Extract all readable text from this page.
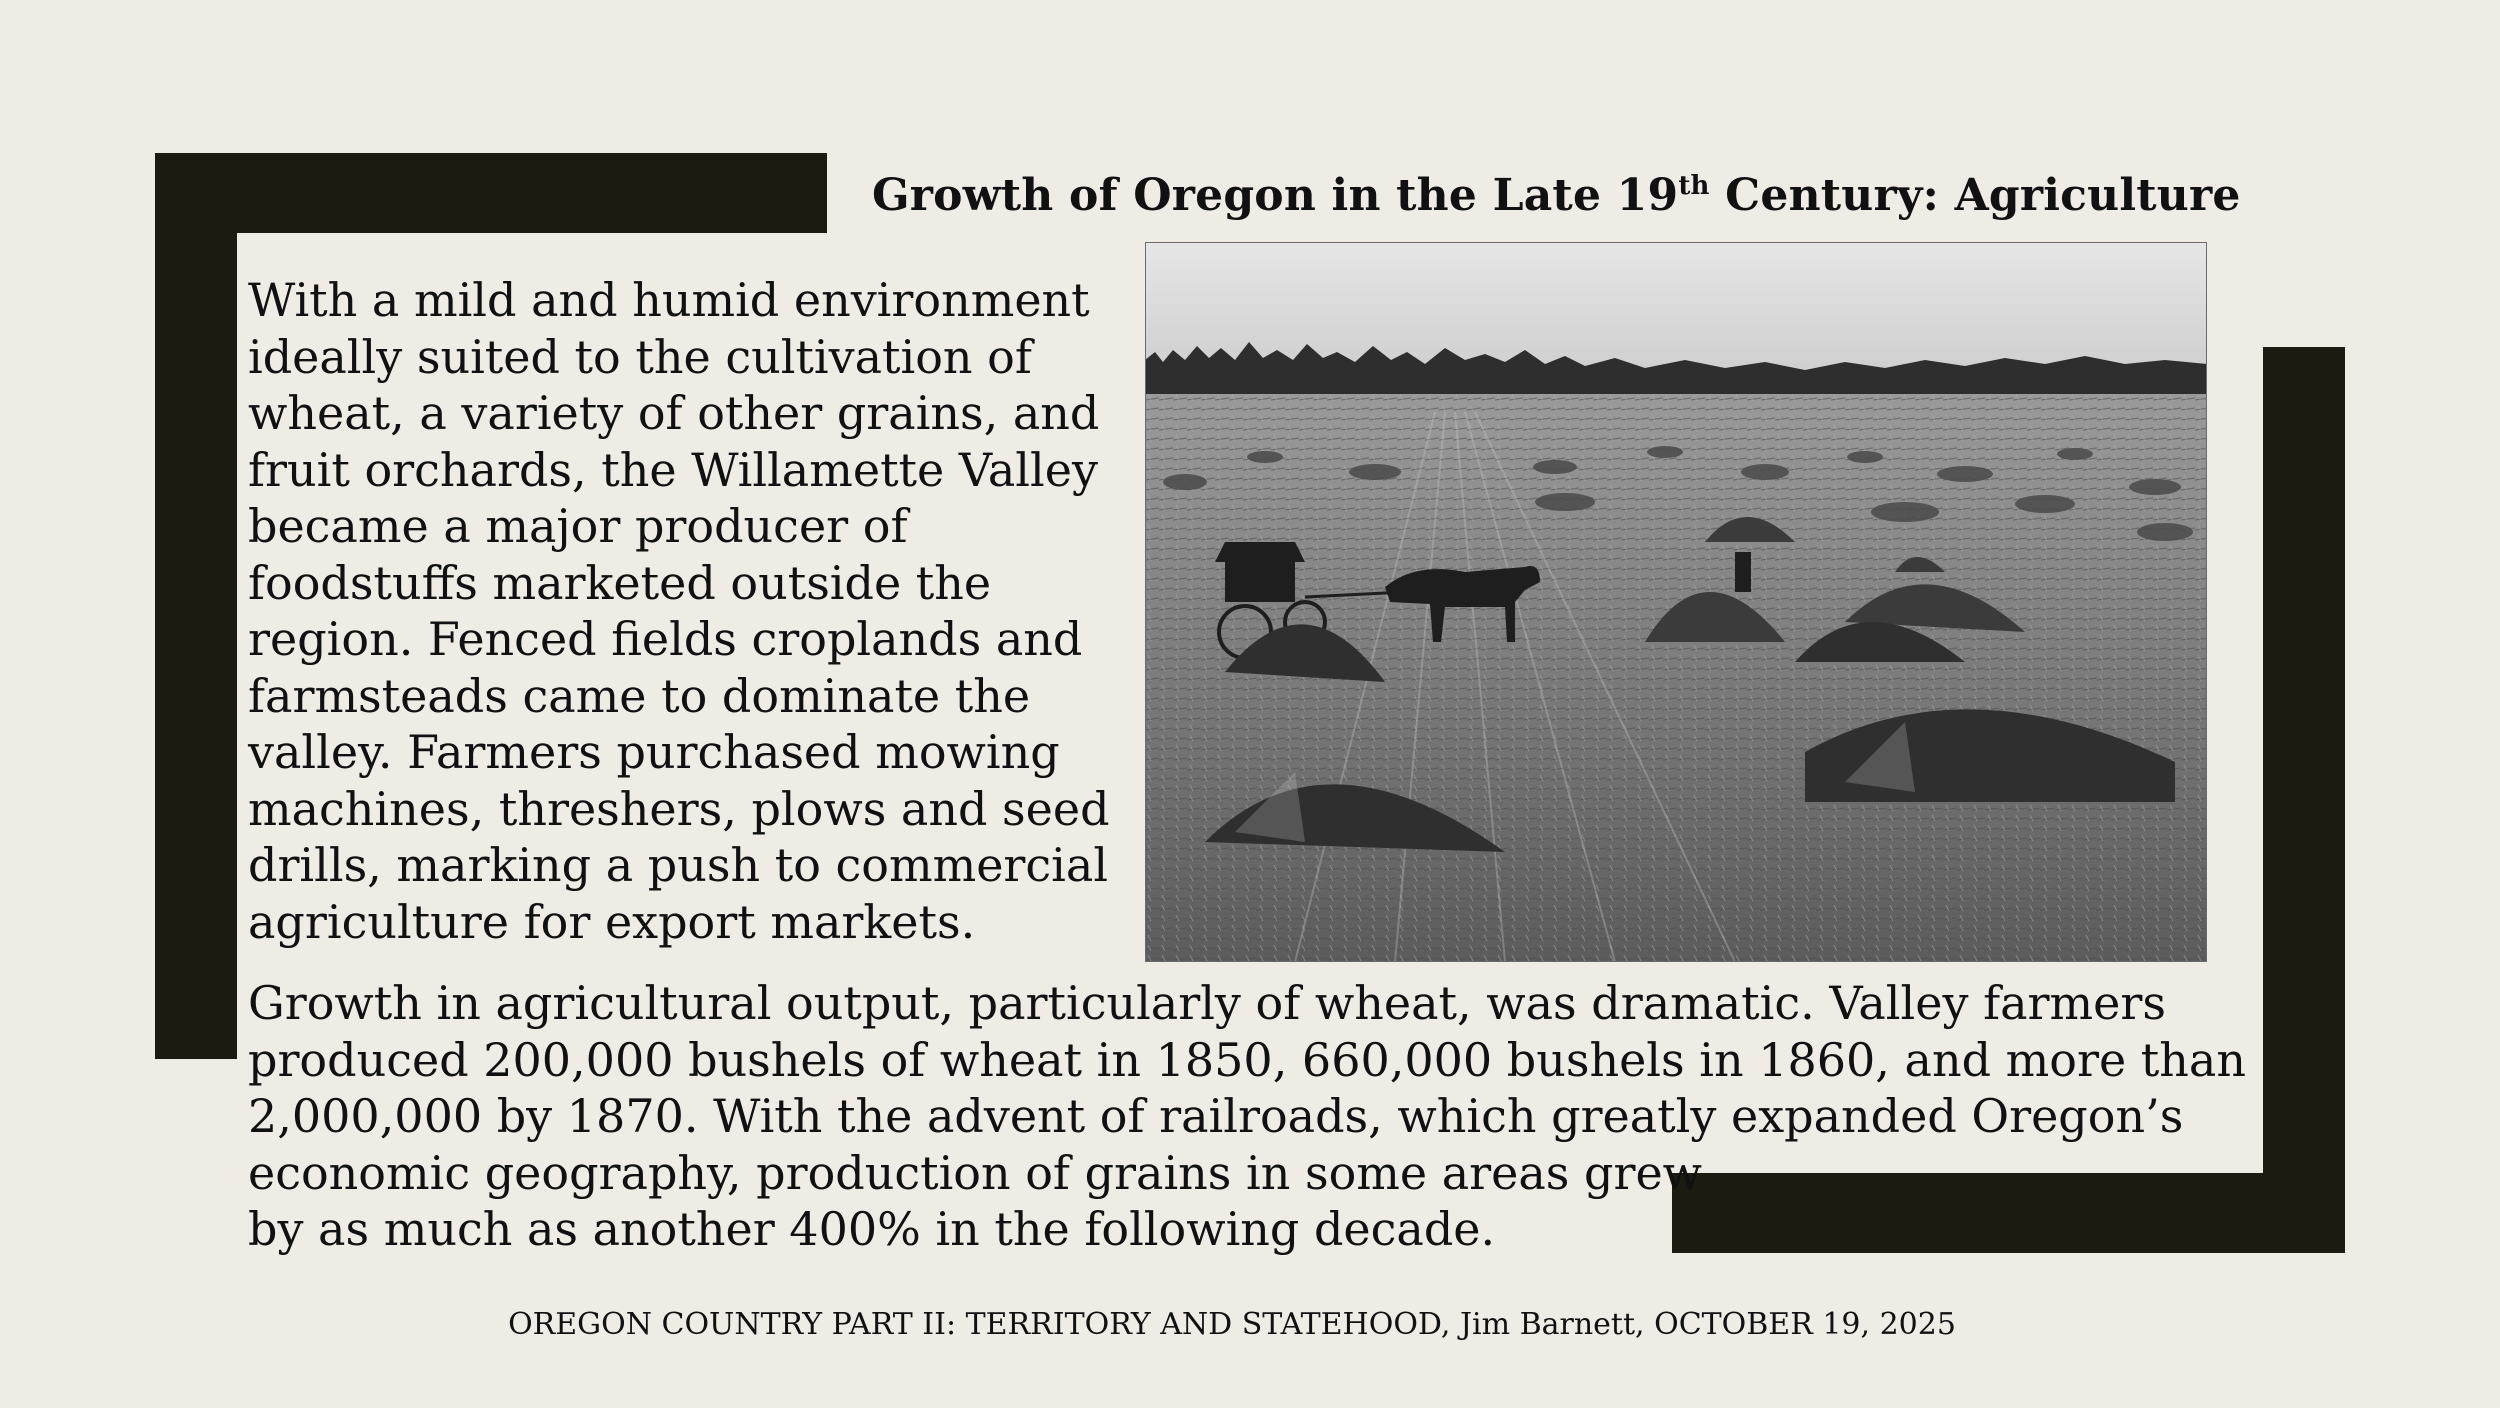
Growth of Oregon in the Late 19th Century: Agriculture

With a mild and humid environment
ideally suited to the cultivation of
wheat, a variety of other grains, and
fruit orchards, the Willamette Valley
became a major producer of
foodstuffs marketed outside the
region. Fenced fields croplands and
farmsteads came to dominate the
valley. Farmers purchased mowing
machines, threshers, plows and seed
drills, marking a push to commercial
agriculture for export markets.

Growth in agricultural output, particularly of wheat, was dramatic. Valley farmers
produced 200,000 bushels of wheat in 1850, 660,000 bushels in 1860, and more than
2,000,000 by 1870. With the advent of railroads, which greatly expanded Oregon’s
economic geography, production of grains in some areas grew
by as much as another 400% in the following decade.

OREGON COUNTRY PART II: TERRITORY AND STATEHOOD, Jim Barnett, OCTOBER 19, 2025
